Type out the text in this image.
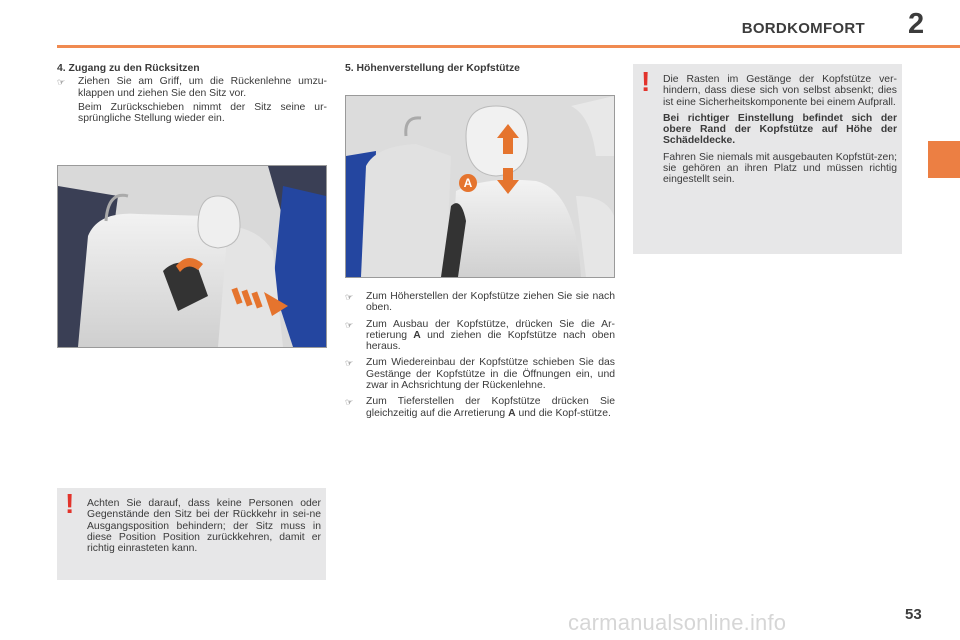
BORDKOMFORT 2
4. Zugang zu den Rücksitzen
☞	Ziehen Sie am Griff, um die Rückenlehne umzu-klappen und ziehen Sie den Sitz vor.
Beim Zurückschieben nimmt der Sitz seine ur-sprüngliche Stellung wieder ein.
5. Höhenverstellung der Kopfstütze
A
☞	Zum Höherstellen der Kopfstütze ziehen Sie sie nach oben.
☞	Zum Ausbau der Kopfstütze, drücken Sie die Ar-retierung A und ziehen die Kopfstütze nach oben heraus.
☞	Zum Wiedereinbau der Kopfstütze schieben Sie das Gestänge der Kopfstütze in die Öffnungen ein, und zwar in Achsrichtung der Rückenlehne.
☞	Zum Tieferstellen der Kopfstütze drücken Sie gleichzeitig auf die Arretierung A und die Kopf-stütze.
! Die Rasten im Gestänge der Kopfstütze ver-hindern, dass diese sich von selbst absenkt; dies ist eine Sicherheitskomponente bei einem Aufprall.

Bei richtiger Einstellung befindet sich der obere Rand der Kopfstütze auf Höhe der Schädeldecke.

Fahren Sie niemals mit ausgebauten Kopfstüt-zen; sie gehören an ihren Platz und müssen richtig eingestellt sein.

! Achten Sie darauf, dass keine Personen oder Gegenstände den Sitz bei der Rückkehr in sei-ne Ausgangsposition behindern; der Sitz muss in diese Position Position zurückkehren, damit er richtig einrasteten kann.
carmanualsonline.info	53
